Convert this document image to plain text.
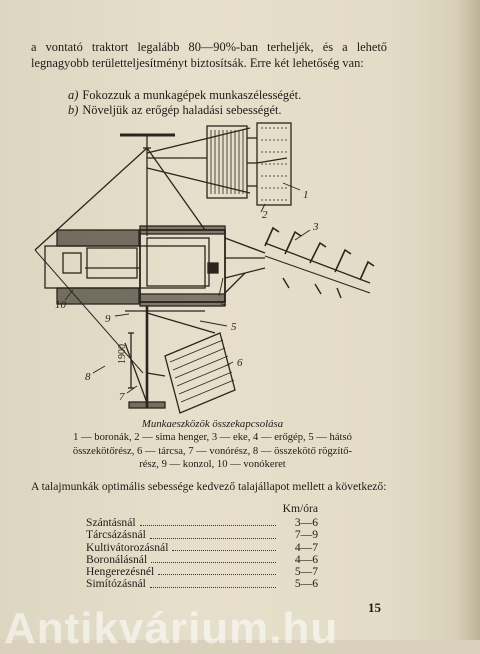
a vontató traktort legalább 80—90%-ban terheljék, és a lehető legnagyobb területteljesítményt biztosítsák. Erre két lehetőség van:

a) Fokozzuk a munkagépek munkaszélességét.
b) Növeljük az erőgép haladási sebességét.
1
2
3
4
5
6
7
8
9
10
1900
Munkaeszközök összekapcsolása
1 — boronák, 2 — sima henger, 3 — eke, 4 — erőgép, 5 — hátsó
összekötőrész, 6 — tárcsa, 7 — vonórész, 8 — összekötő rögzítő-
rész, 9 — konzol, 10 — vonókeret

A talajmunkák optimális sebessége kedvező talajállapot mellett a következő:

Km/óra
Szántásnál	3—6
Tárcsázásnál	7—9
Kultivátorozásnál	4—7
Boronálásnál	4—6
Hengerezésnél	5—7
Simítózásnál	5—6
15
Antikvárium.hu
